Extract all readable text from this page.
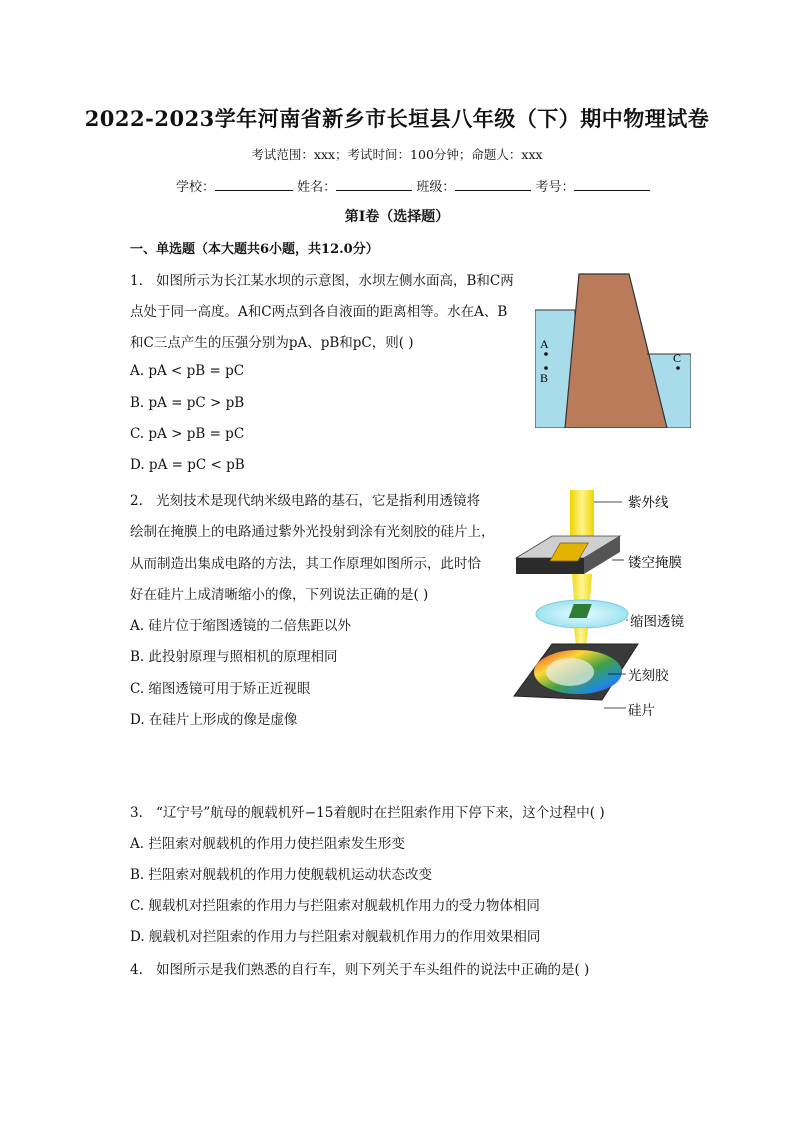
2022-2023学年河南省新乡市长垣县八年级（下）期中物理试卷
考试范围：xxx；考试时间：100分钟；命题人：xxx
学校：	姓名：	班级：	考号：
第I卷（选择题）
一、单选题（本大题共6小题，共12.0分）
1. 如图所示为长江某水坝的示意图，水坝左侧水面高，B和C两
点处于同一高度。A和C两点到各自液面的距离相等。水在A、B
和C三点产生的压强分别为pA、pB和pC，则( )
A. pA < pB = pC
B. pA = pC > pB
C. pA > pB = pC
D. pA = pC < pB
A
B
C
2. 光刻技术是现代纳米级电路的基石，它是指利用透镜将
绘制在掩膜上的电路通过紫外光投射到涂有光刻胶的硅片上，
从而制造出集成电路的方法，其工作原理如图所示，此时恰
好在硅片上成清晰缩小的像，下列说法正确的是( )
A. 硅片位于缩图透镜的二倍焦距以外
B. 此投射原理与照相机的原理相同
C. 缩图透镜可用于矫正近视眼
D. 在硅片上形成的像是虚像
紫外线
镂空掩膜
缩图透镜
光刻胶
硅片
3. “辽宁号”航母的舰载机歼−15着舰时在拦阻索作用下停下来，这个过程中( )
A. 拦阻索对舰载机的作用力使拦阻索发生形变
B. 拦阻索对舰载机的作用力使舰载机运动状态改变
C. 舰载机对拦阻索的作用力与拦阻索对舰载机作用力的受力物体相同
D. 舰载机对拦阻索的作用力与拦阻索对舰载机作用力的作用效果相同
4. 如图所示是我们熟悉的自行车，则下列关于车头组件的说法中正确的是( )
